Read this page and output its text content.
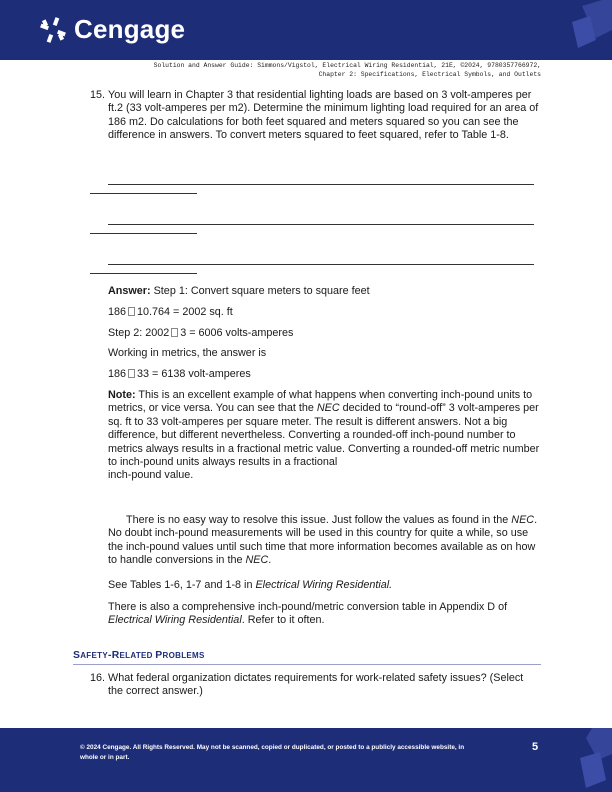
Cengage
Solution and Answer Guide: Simmons/Vigstol, Electrical Wiring Residential, 21E, ©2024, 9780357766972,
Chapter 2: Specifications, Electrical Symbols, and Outlets
15. You will learn in Chapter 3 that residential lighting loads are based on 3 volt-amperes per ft.2 (33 volt-amperes per m2). Determine the minimum lighting load required for an area of 186 m2. Do calculations for both feet squared and meters squared so you can see the difference in answers. To convert meters squared to feet squared, refer to Table 1-8.

Answer: Step 1: Convert square meters to square feet

186 10.764 = 2002 sq. ft

Step 2: 2002 3 = 6006 volts-amperes

Working in metrics, the answer is

186 33 = 6138 volt-amperes

Note: This is an excellent example of what happens when converting inch-pound units to metrics, or vice versa. You can see that the NEC decided to “round-off” 3 volt-amperes per sq. ft to 33 volt-amperes per square meter. The result is different answers. Not a big difference, but different nevertheless. Converting a rounded-off inch-pound number to metrics always results in a fractional metric value. Converting a rounded-off metric number to inch-pound units always results in a fractional

inch-pound value.

There is no easy way to resolve this issue. Just follow the values as found in the NEC. No doubt inch-pound measurements will be used in this country for quite a while, so use the inch-pound values until such time that more information becomes available as on how to handle conversions in the NEC.

See Tables 1-6, 1-7 and 1-8 in Electrical Wiring Residential.

There is also a comprehensive inch-pound/metric conversion table in Appendix D of Electrical Wiring Residential. Refer to it often.

SAFETY-RELATED PROBLEMS
16. What federal organization dictates requirements for work-related safety issues? (Select the correct answer.)
© 2024 Cengage. All Rights Reserved. May not be scanned, copied or duplicated, or posted to a publicly accessible website, in whole or in part.
5
